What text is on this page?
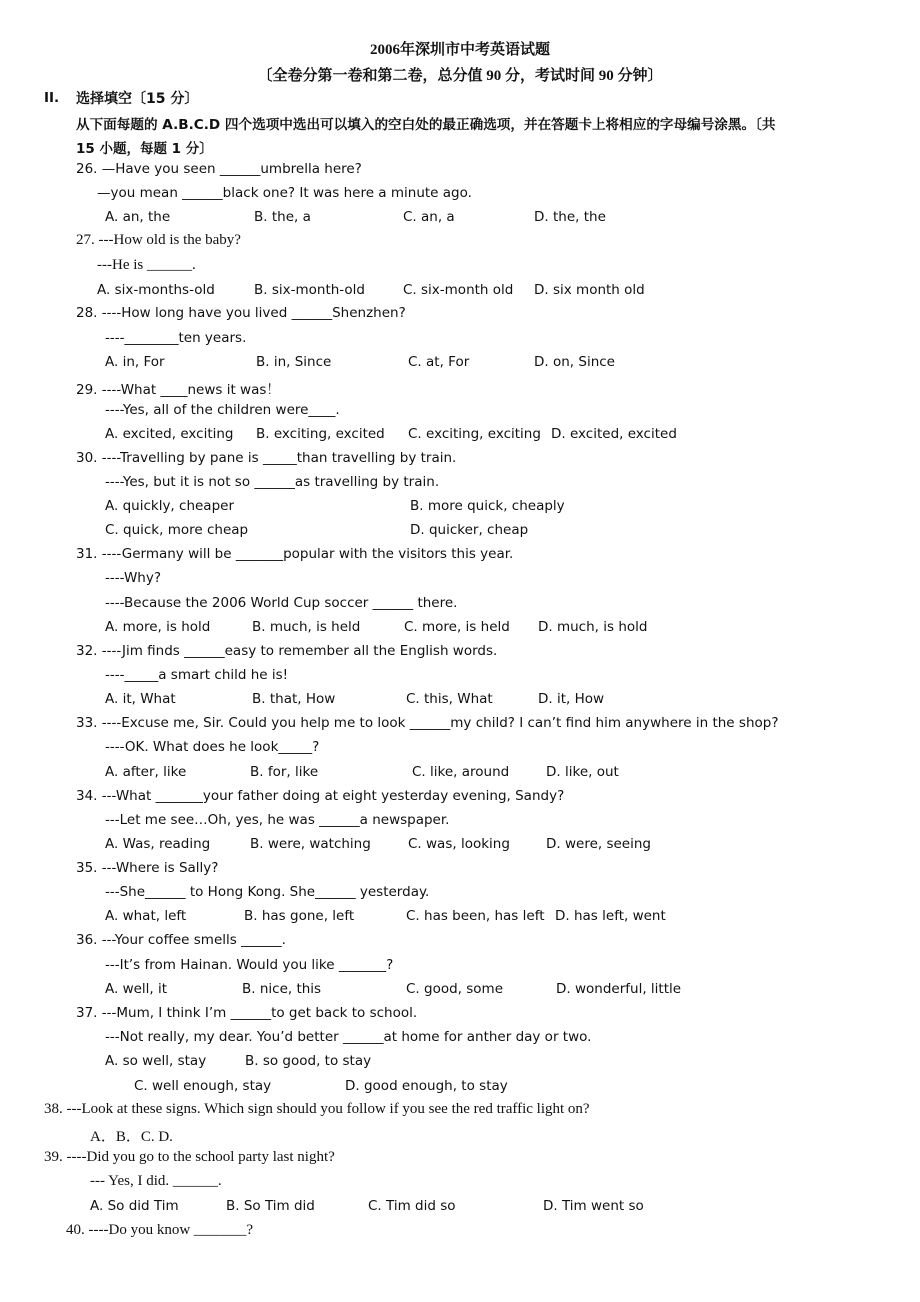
2006年深圳市中考英语试题
〔全卷分第一卷和第二卷，总分值 90 分，考试时间 90 分钟〕
II. 选择填空〔15 分〕
从下面每题的 A.B.C.D 四个选项中选出可以填入的空白处的最正确选项，并在答题卡上将相应的字母编号涂黑。〔共
15 小题，每题 1 分〕
26. —Have you seen ______umbrella here?
—you mean ______black one? It was here a minute ago.
A. an, the	B. the, a	C. an, a	D. the, the
27. ---How old is the baby?
---He is ______.
A. six-months-old	B. six-month-old	C. six-month old D. six month old
28. ----How long have you lived ______Shenzhen?
----________ten years.
A. in, For	B. in, Since	C. at, For	D. on, Since
29. ----What ____news it was！
----Yes, all of the children were____.
A. excited, exciting B. exciting, excited C. exciting, exciting D. excited, excited
30. ----Travelling by pane is _____than travelling by train.
----Yes, but it is not so ______as travelling by train.
A. quickly, cheaper	B. more quick, cheaply
C. quick, more cheap	D. quicker, cheap
31. ----Germany will be _______popular with the visitors this year.
----Why?
----Because the 2006 World Cup soccer ______ there.
A. more, is hold	B. much, is held	C. more, is held D. much, is hold
32. ----Jim finds ______easy to remember all the English words.
----_____a smart child he is!
A. it, What	B. that, How	C. this, What	D. it, How
33. ----Excuse me, Sir. Could you help me to look ______my child? I can’t find him anywhere in the shop?
----OK. What does he look_____?
A. after, like	B. for, like	C. like, around	D. like, out
34. ---What _______your father doing at eight yesterday evening, Sandy?
---Let me see…Oh, yes, he was ______a newspaper.
A. Was, reading	B. were, watching	C. was, looking	D. were, seeing
35. ---Where is Sally?
---She______ to Hong Kong. She______ yesterday.
A. what, left	B. has gone, left	C. has been, has left D. has left, went
36. ---Your coffee smells ______.
---It’s from Hainan. Would you like _______?
A. well, it	B. nice, this	C. good, some	D. wonderful, little
37. ---Mum, I think I’m ______to get back to school.
---Not really, my dear. You’d better ______at home for anther day or two.
A. so well, stay	B. so good, to stay
C. well enough, stay	D. good enough, to stay
38. ---Look at these signs. Which sign should you follow if you see the red traffic light on?
A．B．C. D.
39. ----Did you go to the school party last night?
--- Yes, I did. ______.
A. So did Tim	B. So Tim did	C. Tim did so	D. Tim went so
40. ----Do you know _______?
